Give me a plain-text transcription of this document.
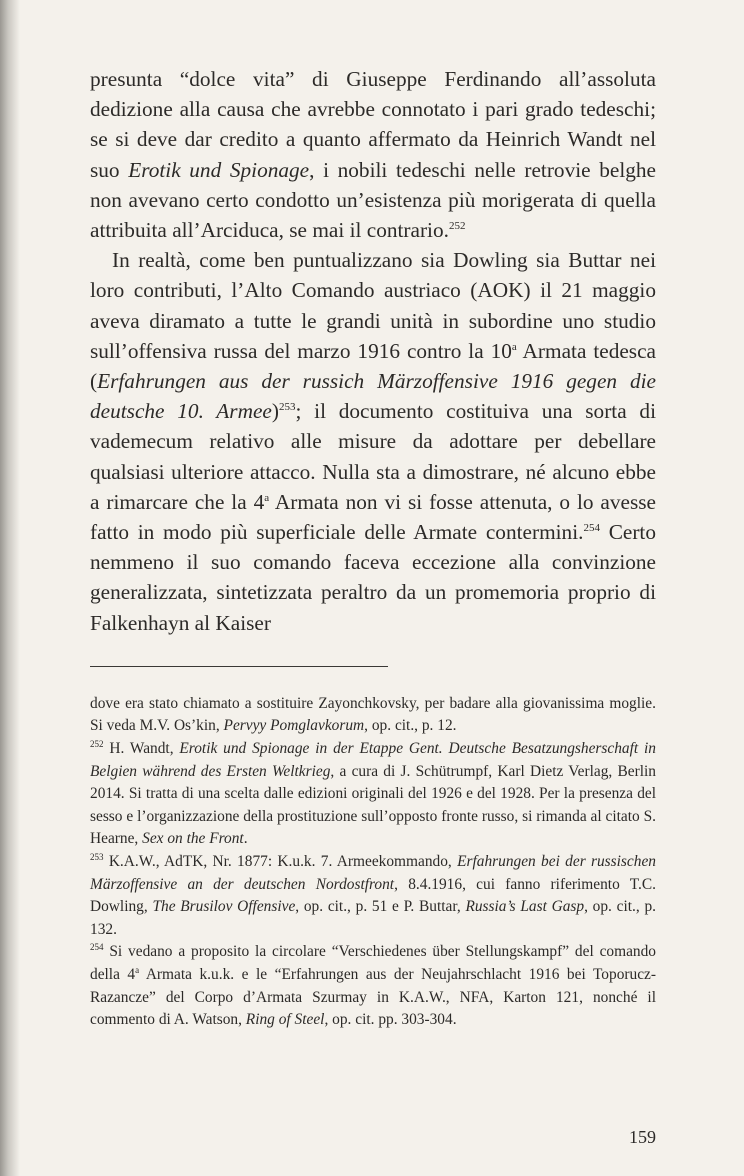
presunta “dolce vita” di Giuseppe Ferdinando all’assoluta dedizione alla causa che avrebbe connotato i pari grado tedeschi; se si deve dar credito a quanto affermato da Heinrich Wandt nel suo Erotik und Spionage, i nobili tedeschi nelle retrovie belghe non avevano certo condotto un’esistenza più morigerata di quella attribuita all’Arciduca, se mai il contrario.$^{252}$

In realtà, come ben puntualizzano sia Dowling sia Buttar nei loro contributi, l’Alto Comando austriaco (AOK) il 21 maggio aveva diramato a tutte le grandi unità in subordine uno studio sull’offensiva russa del marzo 1916 contro la 10$^a$ Armata tedesca (Erfahrungen aus der russich Märzoffensive 1916 gegen die deutsche 10. Armee)$^{253}$; il documento costituiva una sorta di vademecum relativo alle misure da adottare per debellare qualsiasi ulteriore attacco. Nulla sta a dimostrare, né alcuno ebbe a rimarcare che la 4$^a$ Armata non vi si fosse attenuta, o lo avesse fatto in modo più superficiale delle Armate contermini.$^{254}$ Certo nemmeno il suo comando faceva eccezione alla convinzione generalizzata, sintetizzata peraltro da un promemoria proprio di Falkenhayn al Kaiser

dove era stato chiamato a sostituire Zayonchkovsky, per badare alla giovanissima moglie. Si veda M.V. Os’kin, Pervyy Pomglavkorum, op. cit., p. 12.

$^{252}$ H. Wandt, Erotik und Spionage in der Etappe Gent. Deutsche Besatzungsherschaft in Belgien während des Ersten Weltkrieg, a cura di J. Schütrumpf, Karl Dietz Verlag, Berlin 2014. Si tratta di una scelta dalle edizioni originali del 1926 e del 1928. Per la presenza del sesso e l’organizzazione della prostituzione sull’opposto fronte russo, si rimanda al citato S. Hearne, Sex on the Front.

$^{253}$ K.A.W., AdTK, Nr. 1877: K.u.k. 7. Armeekommando, Erfahrungen bei der russischen Märzoffensive an der deutschen Nordostfront, 8.4.1916, cui fanno riferimento T.C. Dowling, The Brusilov Offensive, op. cit., p. 51 e P. Buttar, Russia’s Last Gasp, op. cit., p. 132.

$^{254}$ Si vedano a proposito la circolare “Verschiedenes über Stellungskampf” del comando della 4$^a$ Armata k.u.k. e le “Erfahrungen aus der Neujahrschlacht 1916 bei Toporucz-Razancze” del Corpo d’Armata Szurmay in K.A.W., NFA, Karton 121, nonché il commento di A. Watson, Ring of Steel, op. cit. pp. 303-304.

159
